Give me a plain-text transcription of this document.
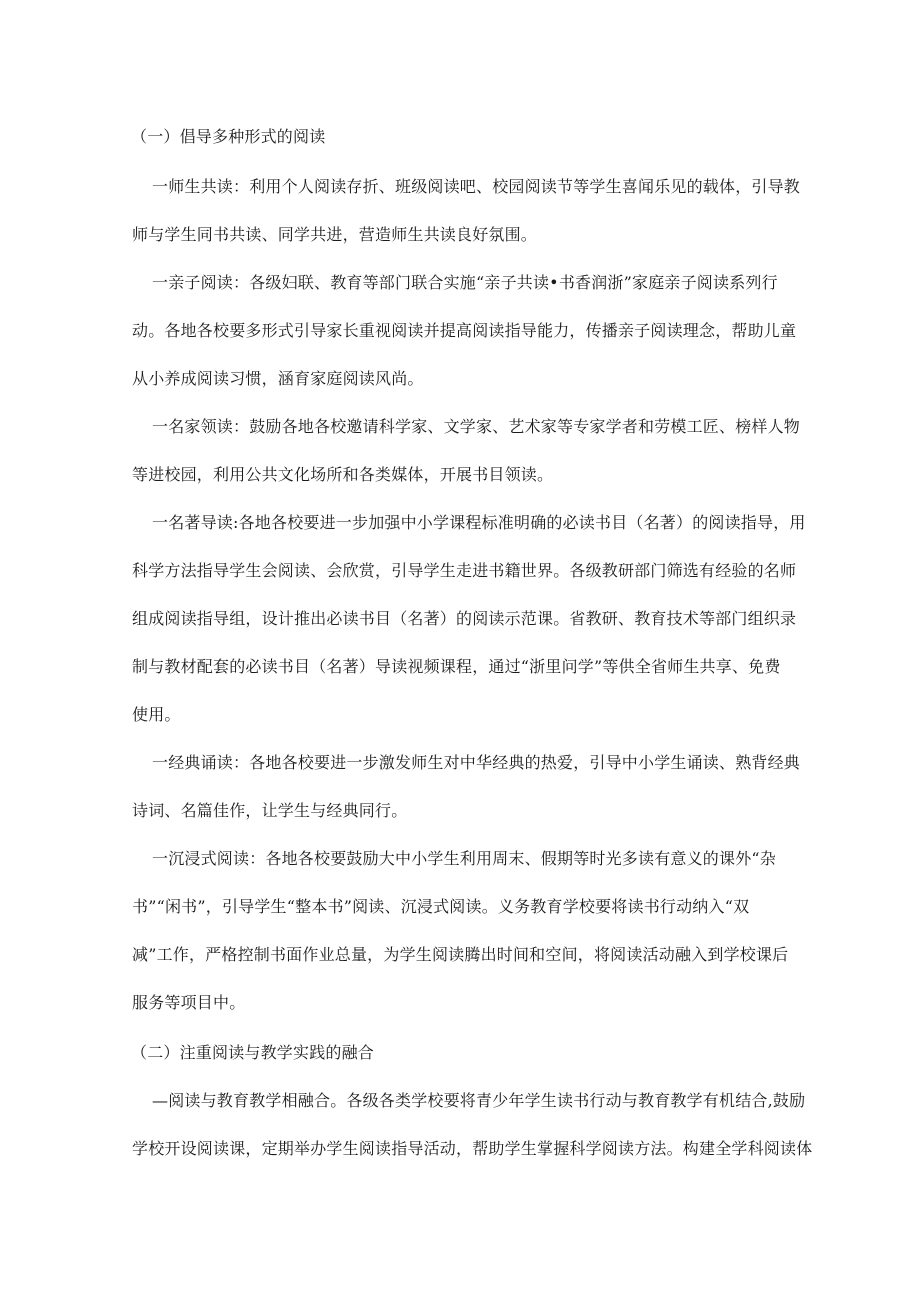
（一）倡导多种形式的阅读
一师生共读：利用个人阅读存折、班级阅读吧、校园阅读节等学生喜闻乐见的载体，引导教
师与学生同书共读、同学共进，营造师生共读良好氛围。
一亲子阅读：各级妇联、教育等部门联合实施“亲子共读•书香润浙”家庭亲子阅读系列行
动。各地各校要多形式引导家长重视阅读并提高阅读指导能力，传播亲子阅读理念，帮助儿童
从小养成阅读习惯，涵育家庭阅读风尚。
一名家领读：鼓励各地各校邀请科学家、文学家、艺术家等专家学者和劳模工匠、榜样人物
等进校园，利用公共文化场所和各类媒体，开展书目领读。
一名著导读:各地各校要进一步加强中小学课程标准明确的必读书目（名著）的阅读指导，用
科学方法指导学生会阅读、会欣赏，引导学生走进书籍世界。各级教研部门筛选有经验的名师
组成阅读指导组，设计推出必读书目（名著）的阅读示范课。省教研、教育技术等部门组织录
制与教材配套的必读书目（名著）导读视频课程，通过“浙里问学”等供全省师生共享、免费
使用。
一经典诵读：各地各校要进一步激发师生对中华经典的热爱，引导中小学生诵读、熟背经典
诗词、名篇佳作，让学生与经典同行。
一沉浸式阅读：各地各校要鼓励大中小学生利用周末、假期等时光多读有意义的课外“杂
书”“闲书”，引导学生“整本书”阅读、沉浸式阅读。义务教育学校要将读书行动纳入“双
减”工作，严格控制书面作业总量，为学生阅读腾出时间和空间，将阅读活动融入到学校课后
服务等项目中。
（二）注重阅读与教学实践的融合
—阅读与教育教学相融合。各级各类学校要将青少年学生读书行动与教育教学有机结合,鼓励
学校开设阅读课，定期举办学生阅读指导活动，帮助学生掌握科学阅读方法。构建全学科阅读体
